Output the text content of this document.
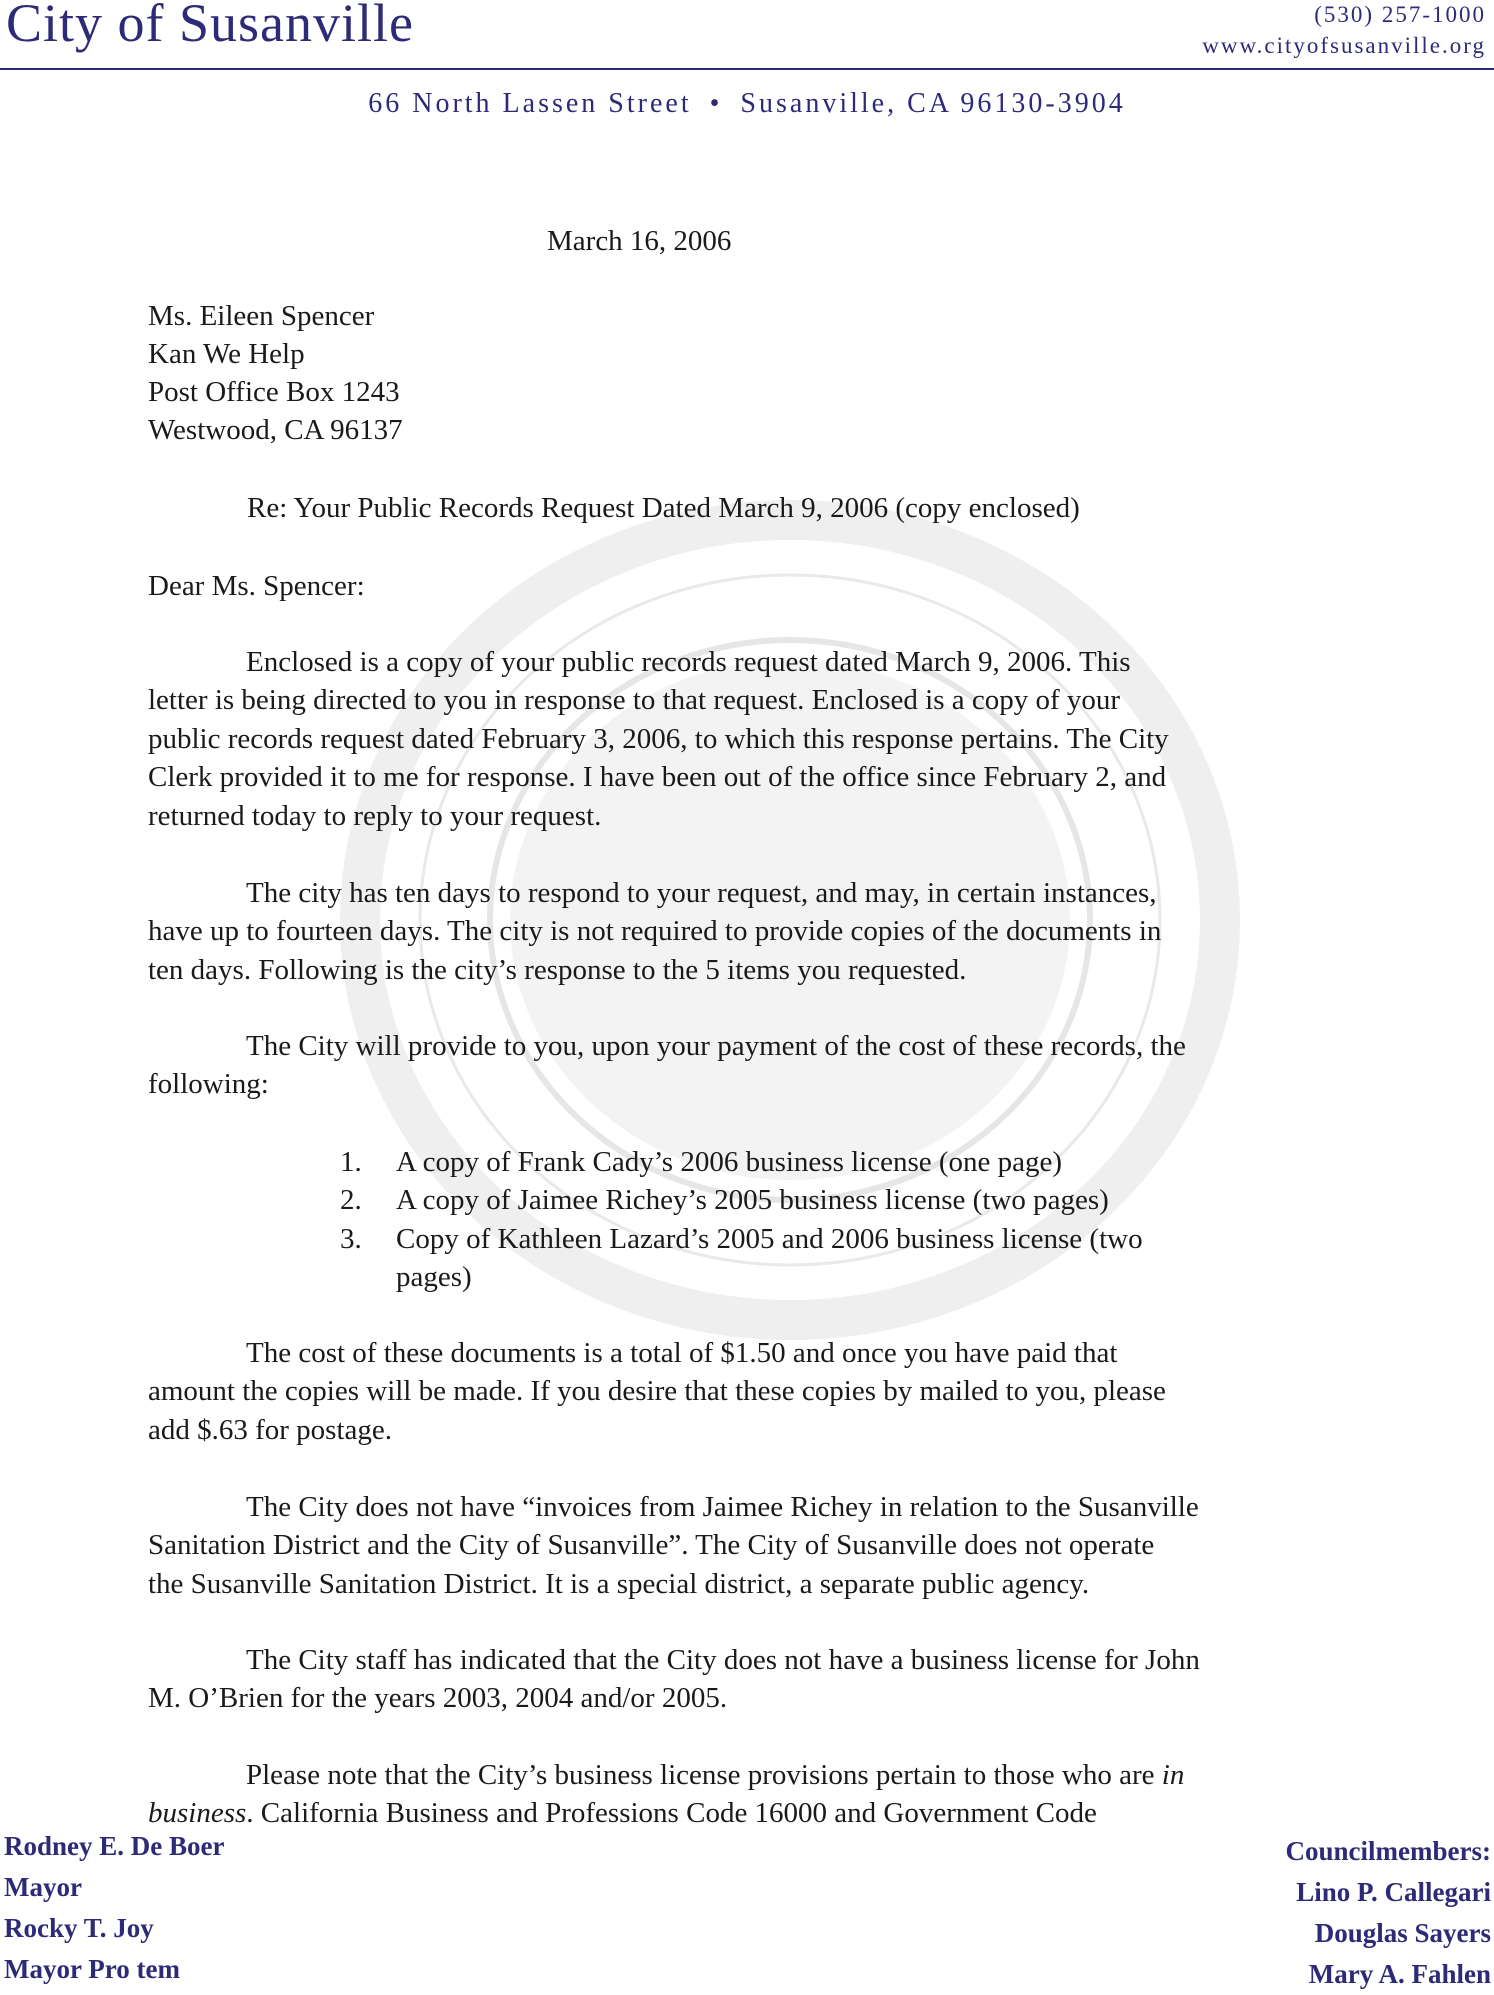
City of Susanville	(530) 257-1000
www.cityofsusanville.org
66 North Lassen Street • Susanville, CA 96130-3904
March 16, 2006
Ms. Eileen Spencer
Kan We Help
Post Office Box 1243
Westwood, CA 96137
Re: Your Public Records Request Dated March 9, 2006 (copy enclosed)
Dear Ms. Spencer:
Enclosed is a copy of your public records request dated March 9, 2006. This
letter is being directed to you in response to that request. Enclosed is a copy of your
public records request dated February 3, 2006, to which this response pertains. The City
Clerk provided it to me for response. I have been out of the office since February 2, and
returned today to reply to your request.
The city has ten days to respond to your request, and may, in certain instances,
have up to fourteen days. The city is not required to provide copies of the documents in
ten days. Following is the city’s response to the 5 items you requested.
The City will provide to you, upon your payment of the cost of these records, the
following:
1. A copy of Frank Cady’s 2006 business license (one page)
2. A copy of Jaimee Richey’s 2005 business license (two pages)
3. Copy of Kathleen Lazard’s 2005 and 2006 business license (two
pages)
The cost of these documents is a total of $1.50 and once you have paid that
amount the copies will be made. If you desire that these copies by mailed to you, please
add $.63 for postage.
The City does not have “invoices from Jaimee Richey in relation to the Susanville
Sanitation District and the City of Susanville”. The City of Susanville does not operate
the Susanville Sanitation District. It is a special district, a separate public agency.
The City staff has indicated that the City does not have a business license for John
M. O’Brien for the years 2003, 2004 and/or 2005.
Please note that the City’s business license provisions pertain to those who are in
business. California Business and Professions Code 16000 and Government Code
Rodney E. De Boer
Mayor
Rocky T. Joy
Mayor Pro tem
Councilmembers:
Lino P. Callegari
Douglas Sayers
Mary A. Fahlen
